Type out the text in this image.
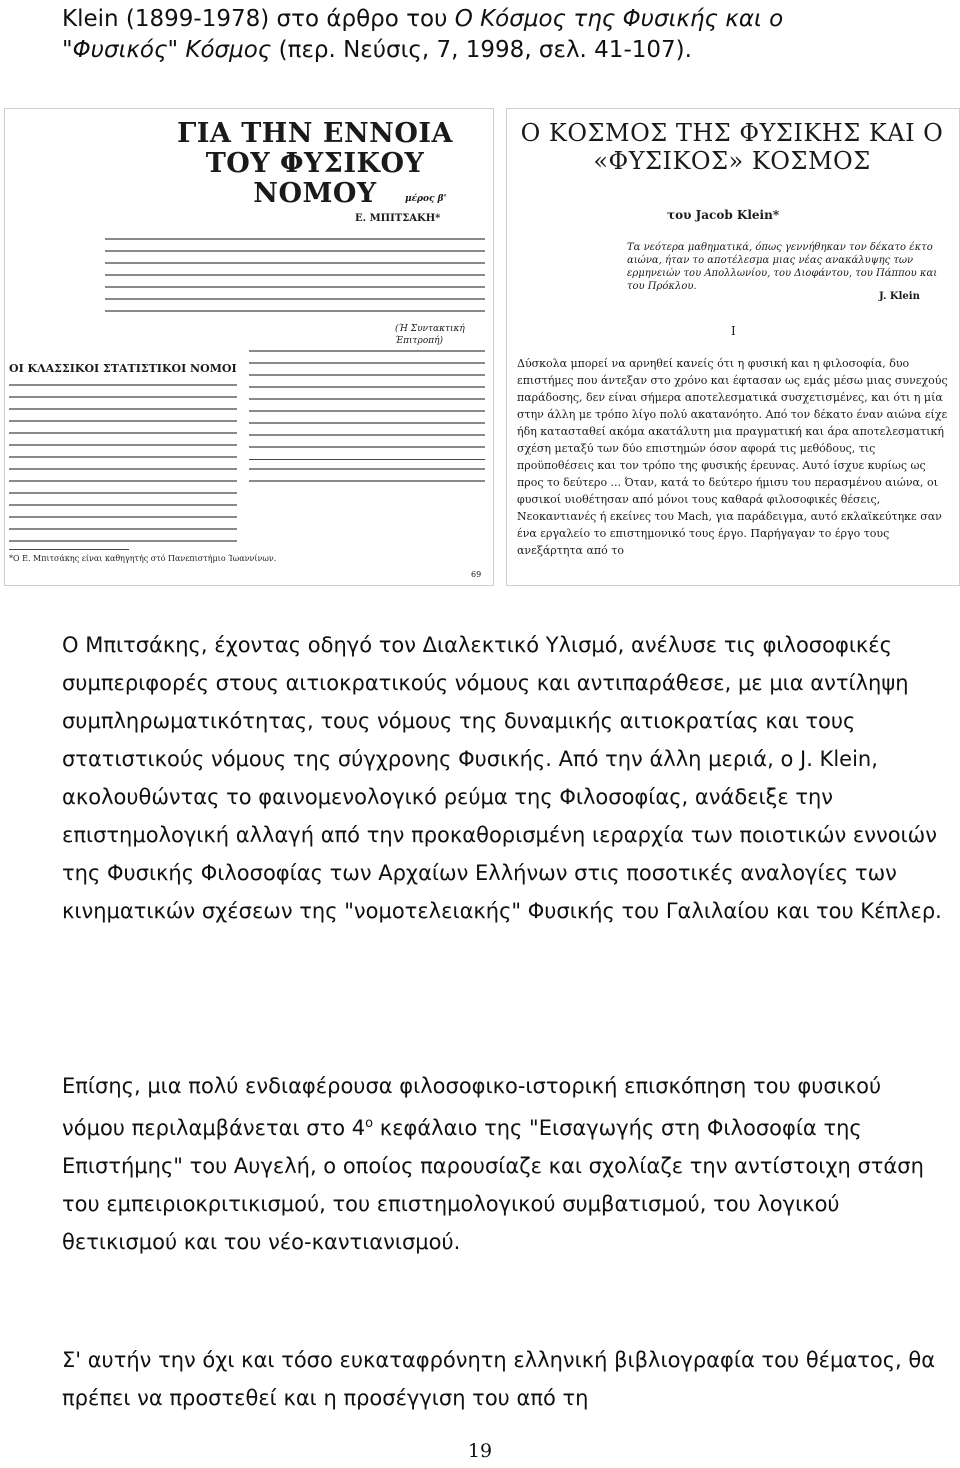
Klein (1899-1978) στο άρθρο του Ο Κόσμος της Φυσικής και ο
"Φυσικός" Κόσμος (περ. Νεύσις, 7, 1998, σελ. 41-107).
ΓΙΑ ΤΗΝ ΕΝΝΟΙΑ ΤΟΥ ΦΥΣΙΚΟΥ ΝΟΜΟΥ	μέρος β'
Ε. ΜΠΙΤΣΑΚΗ*
(Ή Συντακτική Έπιτροπή)
ΟΙ ΚΛΑΣΣΙΚΟΙ ΣΤΑΤΙΣΤΙΚΟΙ ΝΟΜΟΙ
*Ο Ε. Μπιτσάκης είναι καθηγητής στό Πανεπιστήμιο Ίωαννίνων.
69
Ο ΚΟΣΜΟΣ ΤΗΣ ΦΥΣΙΚΗΣ ΚΑΙ Ο «ΦΥΣΙΚΟΣ» ΚΟΣΜΟΣ
του Jacob Klein*
Τα νεότερα μαθηματικά, όπως γεννήθηκαν τον δέκατο έκτο αιώνα, ήταν το αποτέλεσμα μιας νέας ανακάλυψης των ερμηνειών του Απολλωνίου, του Διοφάντου, του Πάππου και του Πρόκλου.
J. Klein
I
Δύσκολα μπορεί να αρνηθεί κανείς ότι η φυσική και η φιλοσοφία, δυο επιστήμες που άντεξαν στο χρόνο και έφτασαν ως εμάς μέσω μιας συνεχούς παράδοσης, δεν είναι σήμερα αποτελεσματικά συσχετισμένες, και ότι η μία στην άλλη με τρόπο λίγο πολύ ακατανόητο. Από τον δέκατο έναν αιώνα είχε ήδη κατασταθεί ακόμα ακατάλυτη μια πραγματική και άρα αποτελεσματική σχέση μεταξύ των δύο επιστημών όσον αφορά τις μεθόδους, τις προϋποθέσεις και τον τρόπο της φυσικής έρευνας. Αυτό ίσχυε κυρίως ως προς το δεύτερο ... Όταν, κατά το δεύτερο ήμισυ του περασμένου αιώνα, οι φυσικοί υιοθέτησαν από μόνοι τους καθαρά φιλοσοφικές θέσεις, Νεοκαντιανές ή εκείνες του Mach, για παράδειγμα, αυτό εκλαϊκεύτηκε σαν ένα εργαλείο το επιστημονικό τους έργο. Παρήγαγαν το έργο τους ανεξάρτητα από το

Ο Μπιτσάκης, έχοντας οδηγό τον Διαλεκτικό Υλισμό, ανέλυσε τις φιλοσοφικές συμπεριφορές στους αιτιοκρατικούς νόμους και αντιπαράθεσε, με μια αντίληψη συμπληρωματικότητας, τους νόμους της δυναμικής αιτιοκρατίας και τους στατιστικούς νόμους της σύγχρονης Φυσικής. Από την άλλη μεριά, ο J. Klein, ακολουθώντας το φαινομενολογικό ρεύμα της Φιλοσοφίας, ανάδειξε την επιστημολογική αλλαγή από την προκαθορισμένη ιεραρχία των ποιοτικών εννοιών της Φυσικής Φιλοσοφίας των Αρχαίων Ελλήνων στις ποσοτικές αναλογίες των κινηματικών σχέσεων της "νομοτελειακής" Φυσικής του Γαλιλαίου και του Κέπλερ.

Επίσης, μια πολύ ενδιαφέρουσα φιλοσοφικο-ιστορική επισκόπηση του φυσικού νόμου περιλαμβάνεται στο $4^o$ κεφάλαιο της "Εισαγωγής στη Φιλοσοφία της Επιστήμης" του Αυγελή, ο οποίος παρουσίαζε και σχολίαζε την αντίστοιχη στάση του εμπειριοκριτικισμού, του επιστημολογικού συμβατισμού, του λογικού θετικισμού και του νέο-καντιανισμού.

Σ' αυτήν την όχι και τόσο ευκαταφρόνητη ελληνική βιβλιογραφία του θέματος, θα πρέπει να προστεθεί και η προσέγγιση του από τη

19
